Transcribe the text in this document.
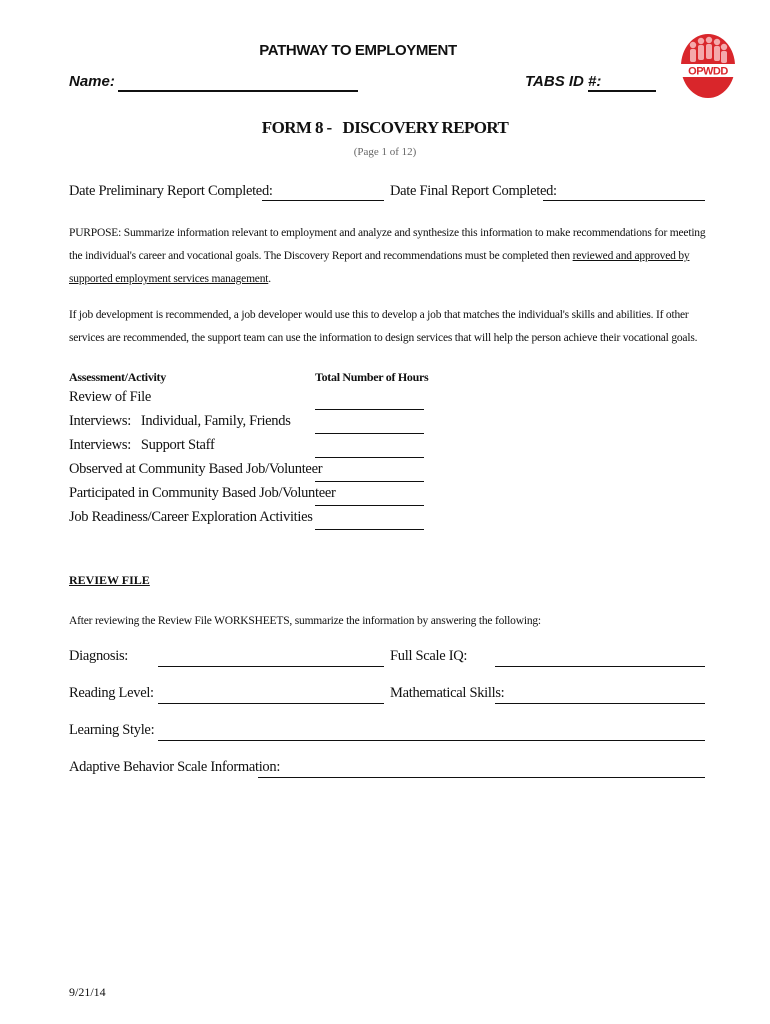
PATHWAY TO EMPLOYMENT
Name:	TABS ID #:
OPWDD
FORM 8 -   DISCOVERY REPORT
(Page 1 of 12)
Date Preliminary Report Completed:	Date Final Report Completed:
PURPOSE: Summarize information relevant to employment and analyze and synthesize this information to make recommendations for meeting the individual's career and vocational goals. The Discovery Report and recommendations must be completed then reviewed and approved by supported employment services management.
If job development is recommended, a job developer would use this to develop a job that matches the individual's skills and abilities. If other services are recommended, the support team can use the information to design services that will help the person achieve their vocational goals.
Assessment/Activity	Total Number of Hours
Review of File
Interviews:   Individual, Family, Friends
Interviews:   Support Staff
Observed at Community Based Job/Volunteer
Participated in Community Based Job/Volunteer
Job Readiness/Career Exploration Activities
REVIEW FILE
After reviewing the Review File WORKSHEETS, summarize the information by answering the following:
Diagnosis:	Full Scale IQ:
Reading Level:	Mathematical Skills:
Learning Style:
Adaptive Behavior Scale Information:
9/21/14
